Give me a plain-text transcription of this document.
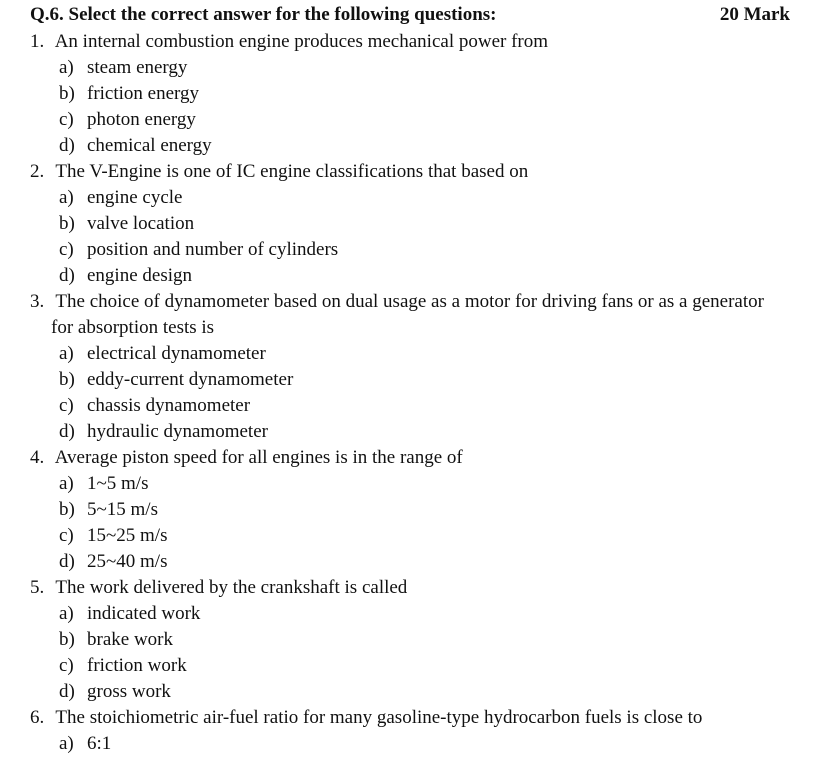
Q.6. Select the correct answer for the following questions:	20 Mark
1. An internal combustion engine produces mechanical power from
a) steam energy
b) friction energy
c) photon energy
d) chemical energy
2. The V-Engine is one of IC engine classifications that based on
a) engine cycle
b) valve location
c) position and number of cylinders
d) engine design
3. The choice of dynamometer based on dual usage as a motor for driving fans or as a generator
for absorption tests is
a) electrical dynamometer
b) eddy-current dynamometer
c) chassis dynamometer
d) hydraulic dynamometer
4. Average piston speed for all engines is in the range of
a) 1~5 m/s
b) 5~15 m/s
c) 15~25 m/s
d) 25~40 m/s
5. The work delivered by the crankshaft is called
a) indicated work
b) brake work
c) friction work
d) gross work
6. The stoichiometric air-fuel ratio for many gasoline-type hydrocarbon fuels is close to
a) 6:1
